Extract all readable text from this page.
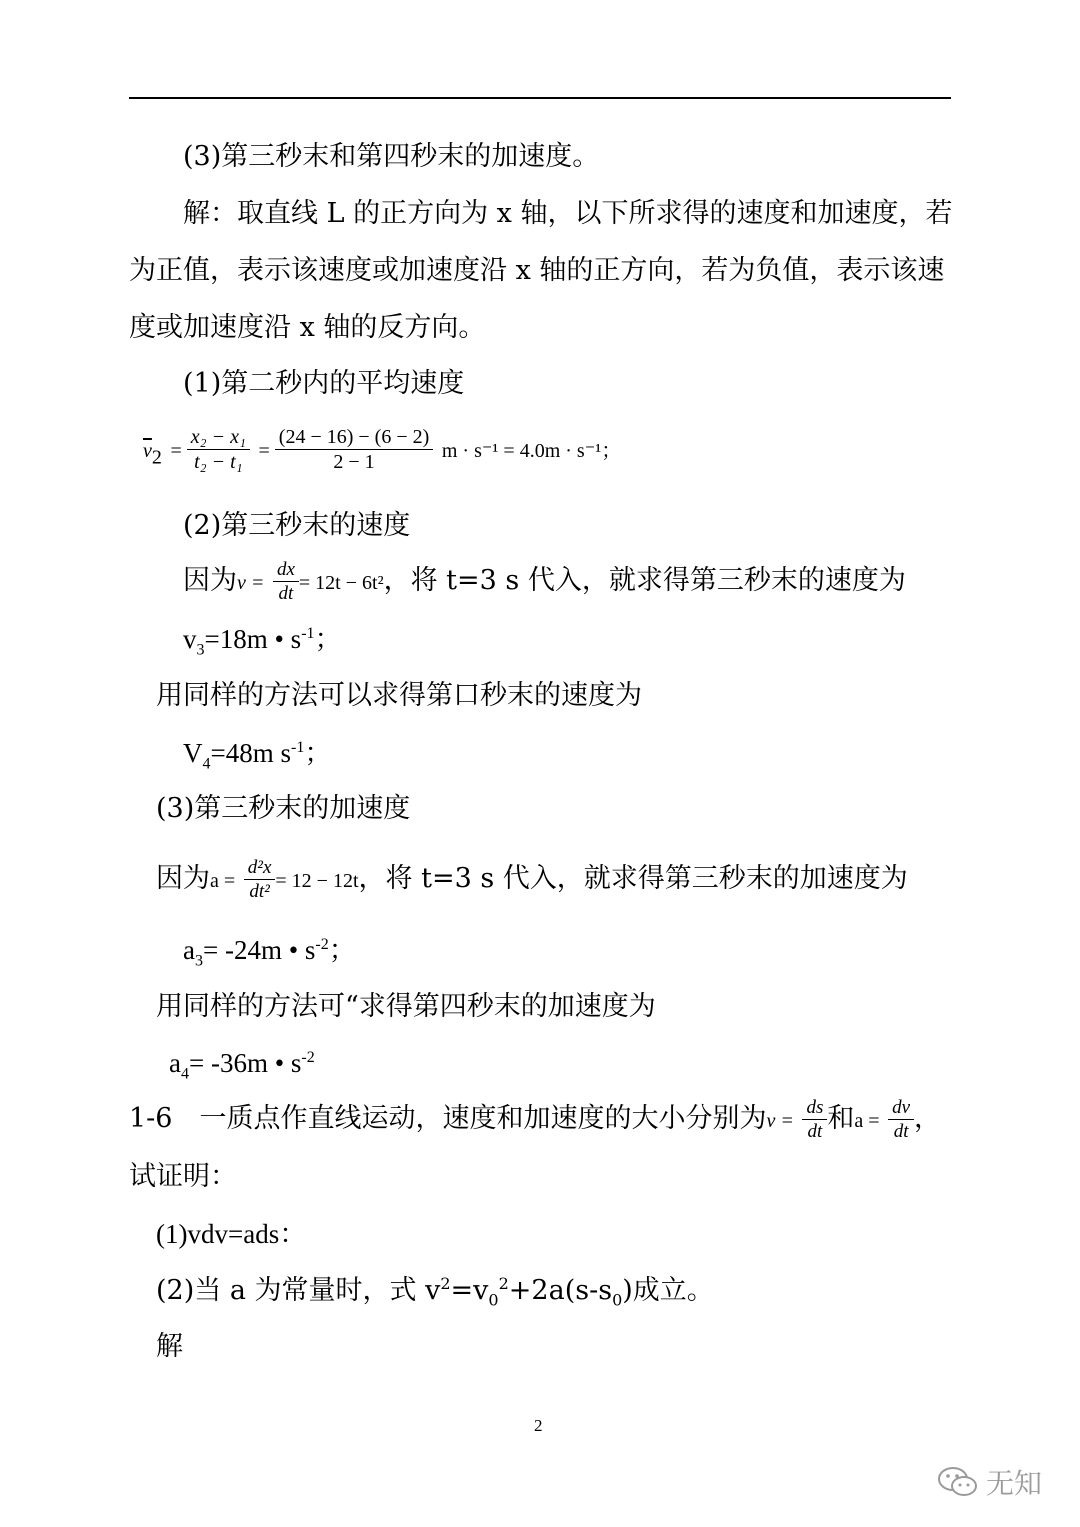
(3)第三秒末和第四秒末的加速度。
解：取直线 L 的正方向为 x 轴，以下所求得的速度和加速度，若
为正值，表示该速度或加速度沿 x 轴的正方向，若为负值，表示该速
度或加速度沿 x 轴的反方向。
(1)第二秒内的平均速度
$\overline{v}_2 = \frac{\text{x₂ − x₁}}{\text{t₂ − t₁}} = \frac{(24 - 16) - (6 - 2)}{2 - 1}$ m · s⁻¹ = 4.0m · s⁻¹；
(2)第三秒末的速度
因为$v = \frac{dx}{dt} = 12t - 6t^2$，将 t=3 s 代入，就求得第三秒末的速度为
$v_3=18m$ • $s^{-1}$；
用同样的方法可以求得第口秒末的速度为
$V_4=48m$ $s^{-1}$；
(3)第三秒末的加速度
因为$a = \frac{\text{d²x}}{\text{dt²}} = 12 - 12t$，将 t=3 s 代入，就求得第三秒末的加速度为
$a_3= -24m$ • $s^{-2}$；
用同样的方法可“求得第四秒末的加速度为
$a_4= -36m$ • $s^{-2}$
1-6　一质点作直线运动，速度和加速度的大小分别为$v = \frac{ds}{dt}$ 和$a = \frac{dv}{dt}$ ，
试证明：
(1)vdv=ads：
(2)当 a 为常量时，式 $v^2=v_0^2+2a(s-s_0)$成立。
解
2
无知
